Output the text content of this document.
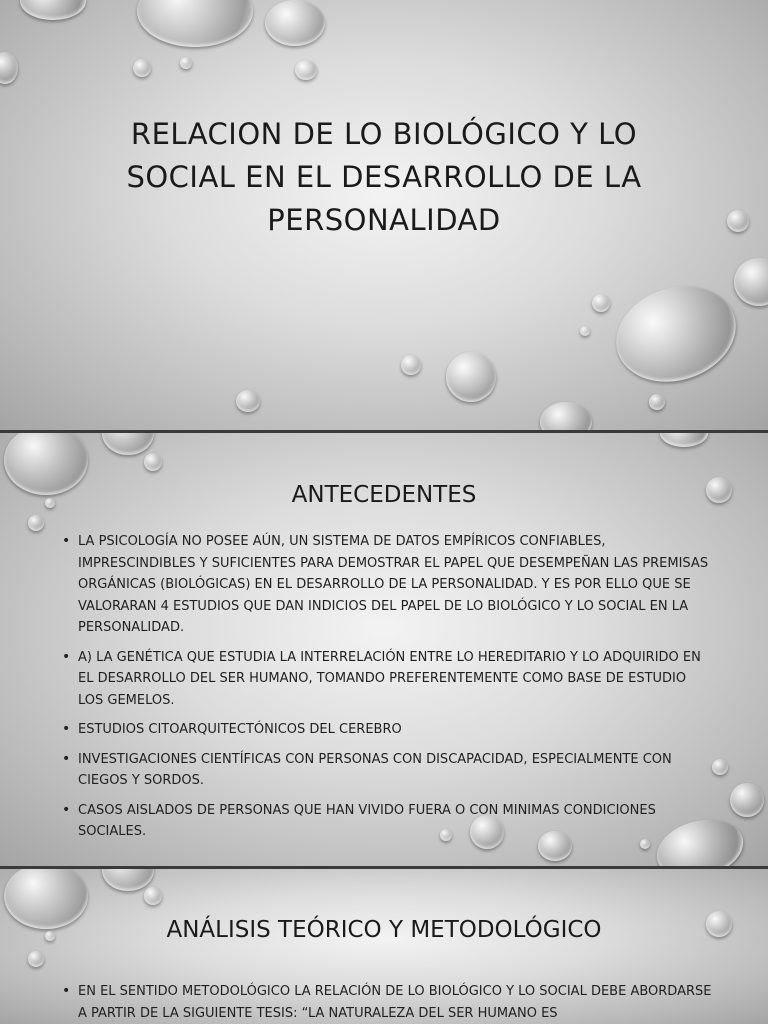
RELACION DE LO BIOLÓGICO Y LO SOCIAL EN EL DESARROLLO DE LA PERSONALIDAD
ANTECEDENTES
• LA PSICOLOGÍA NO POSEE AÚN, UN SISTEMA DE DATOS EMPÍRICOS CONFIABLES, IMPRESCINDIBLES Y SUFICIENTES PARA DEMOSTRAR EL PAPEL QUE DESEMPEÑAN LAS PREMISAS ORGÁNICAS (BIOLÓGICAS) EN EL DESARROLLO DE LA PERSONALIDAD. Y ES POR ELLO QUE SE VALORARAN 4 ESTUDIOS QUE DAN INDICIOS DEL PAPEL DE LO BIOLÓGICO Y LO SOCIAL EN LA PERSONALIDAD.
• A) LA GENÉTICA QUE ESTUDIA LA INTERRELACIÓN ENTRE LO HEREDITARIO Y LO ADQUIRIDO EN EL DESARROLLO DEL SER HUMANO, TOMANDO PREFERENTEMENTE COMO BASE DE ESTUDIO LOS GEMELOS.
• ESTUDIOS CITOARQUITECTÓNICOS DEL CEREBRO
• INVESTIGACIONES CIENTÍFICAS CON PERSONAS CON DISCAPACIDAD, ESPECIALMENTE CON CIEGOS Y SORDOS.
• CASOS AISLADOS DE PERSONAS QUE HAN VIVIDO FUERA O CON MINIMAS CONDICIONES SOCIALES.
ANÁLISIS TEÓRICO Y METODOLÓGICO
• EN EL SENTIDO METODOLÓGICO LA RELACIÓN DE LO BIOLÓGICO Y LO SOCIAL DEBE ABORDARSE A PARTIR DE LA SIGUIENTE TESIS: “LA NATURALEZA DEL SER HUMANO ES
